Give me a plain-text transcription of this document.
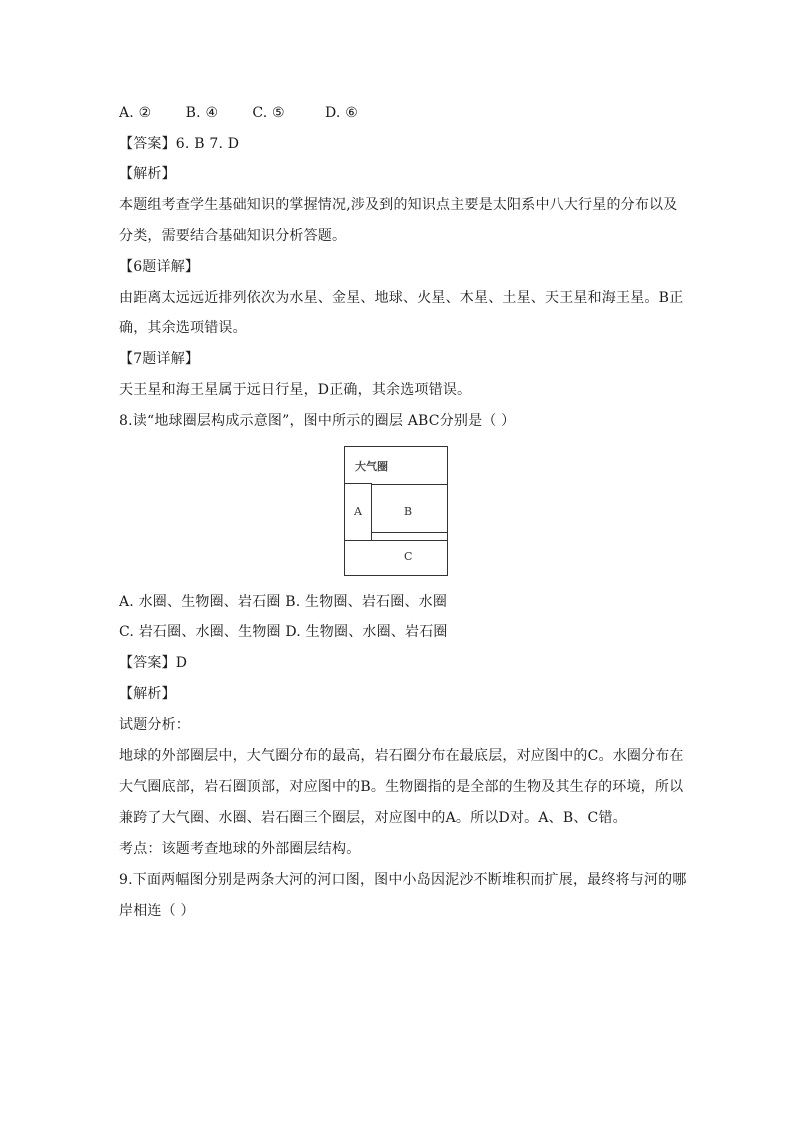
A. ② B. ④ C. ⑤	D. ⑥
【答案】6. B 7. D
【解析】
本题组考查学生基础知识的掌握情况,涉及到的知识点主要是太阳系中八大行星的分布以及
分类，需要结合基础知识分析答题。
【6题详解】
由距离太远远近排列依次为水星、金星、地球、火星、木星、土星、天王星和海王星。B正
确，其余选项错误。
【7题详解】
天王星和海王星属于远日行星，D正确，其余选项错误。
8.读“地球圈层构成示意图”，图中所示的圈层 ABC分别是（ ）
大气圈
A	B
C
A. 水圈、生物圈、岩石圈 B. 生物圈、岩石圈、水圈
C. 岩石圈、水圈、生物圈 D. 生物圈、水圈、岩石圈
【答案】D
【解析】
试题分析：
地球的外部圈层中，大气圈分布的最高，岩石圈分布在最底层，对应图中的C。水圈分布在
大气圈底部，岩石圈顶部，对应图中的B。生物圈指的是全部的生物及其生存的环境，所以
兼跨了大气圈、水圈、岩石圈三个圈层，对应图中的A。所以D对。A、B、C错。
考点：该题考查地球的外部圈层结构。
9.下面两幅图分别是两条大河的河口图，图中小岛因泥沙不断堆积而扩展，最终将与河的哪
岸相连（ ）
